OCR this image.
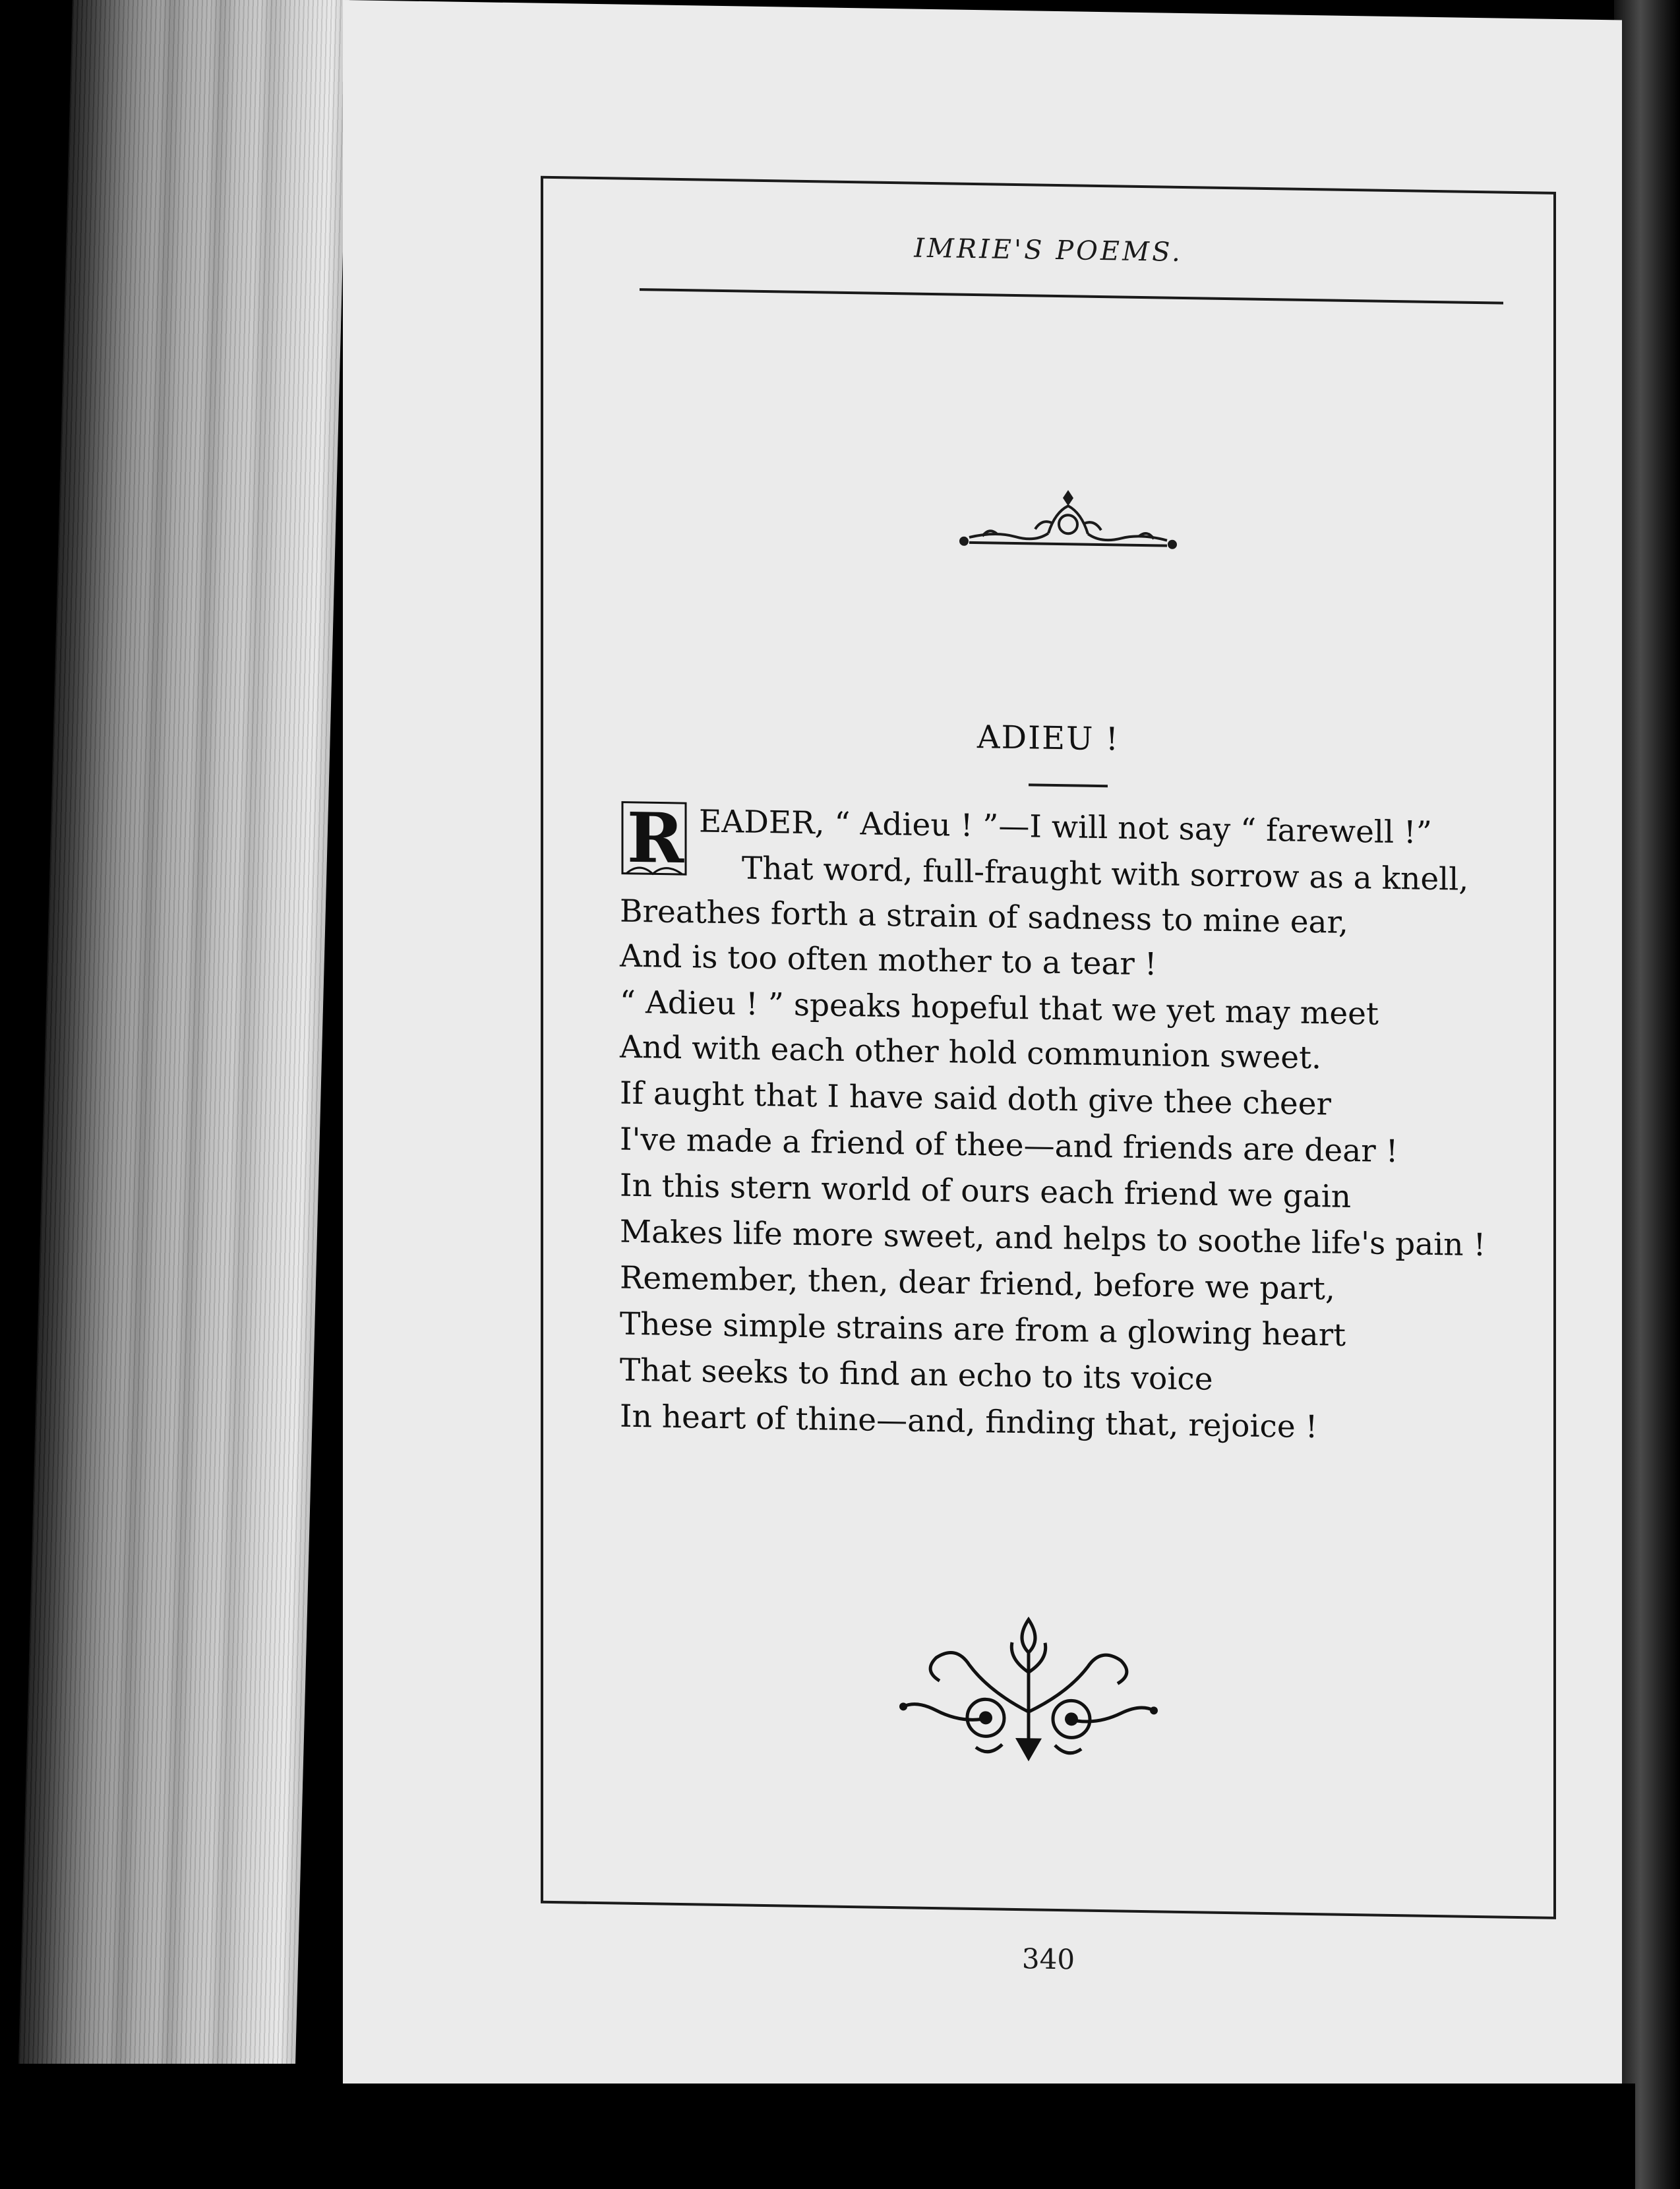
IMRIE'S POEMS.
ADIEU !
R EADER, “ Adieu ! ”—I will not say “ farewell !”
That word, full-fraught with sorrow as a knell,
Breathes forth a strain of sadness to mine ear,
And is too often mother to a tear !
“ Adieu ! ” speaks hopeful that we yet may meet
And with each other hold communion sweet.
If aught that I have said doth give thee cheer
I've made a friend of thee—and friends are dear !
In this stern world of ours each friend we gain
Makes life more sweet, and helps to soothe life's pain !
Remember, then, dear friend, before we part,
These simple strains are from a glowing heart
That seeks to find an echo to its voice
In heart of thine—and, finding that, rejoice !
340
